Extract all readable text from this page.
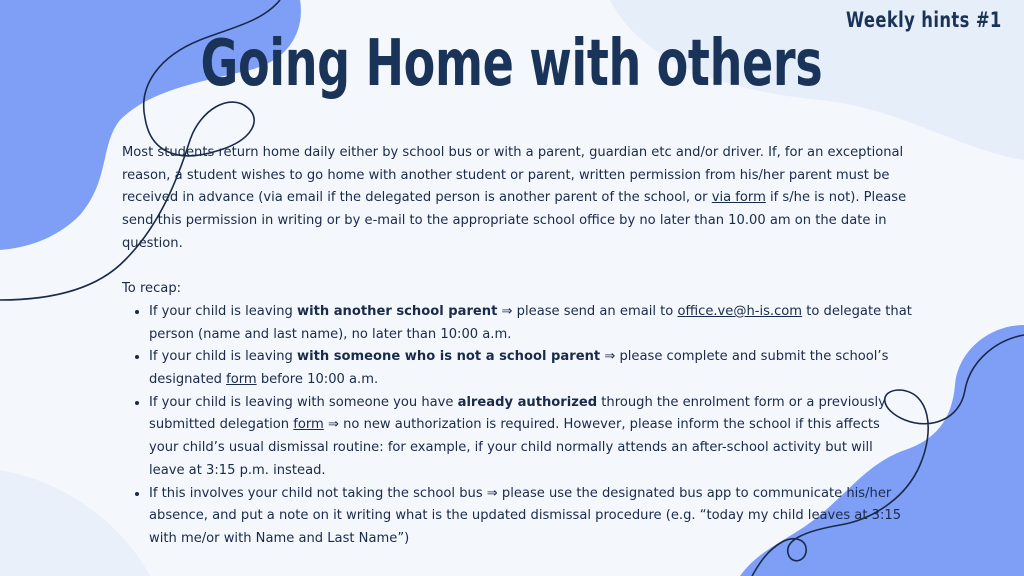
Weekly hints #1
Going Home with others

Most students return home daily either by school bus or with a parent, guardian etc and/or driver. If, for an exceptional reason, a student wishes to go home with another student or parent, written permission from his/her parent must be received in advance (via email if the delegated person is another parent of the school, or via form if s/he is not). Please send this permission in writing or by e-mail to the appropriate school office by no later than 10.00 am on the date in question.

To recap:

• If your child is leaving with another school parent ⇒ please send an email to office.ve@h-is.com to delegate that person (name and last name), no later than 10:00 a.m.
• If your child is leaving with someone who is not a school parent ⇒ please complete and submit the school’s designated form before 10:00 a.m.
• If your child is leaving with someone you have already authorized through the enrolment form or a previously submitted delegation form ⇒ no new authorization is required. However, please inform the school if this affects your child’s usual dismissal routine: for example, if your child normally attends an after-school activity but will leave at 3:15 p.m. instead.
• If this involves your child not taking the school bus ⇒ please use the designated bus app to communicate his/her absence, and put a note on it writing what is the updated dismissal procedure (e.g. “today my child leaves at 3:15 with me/or with Name and Last Name”)
